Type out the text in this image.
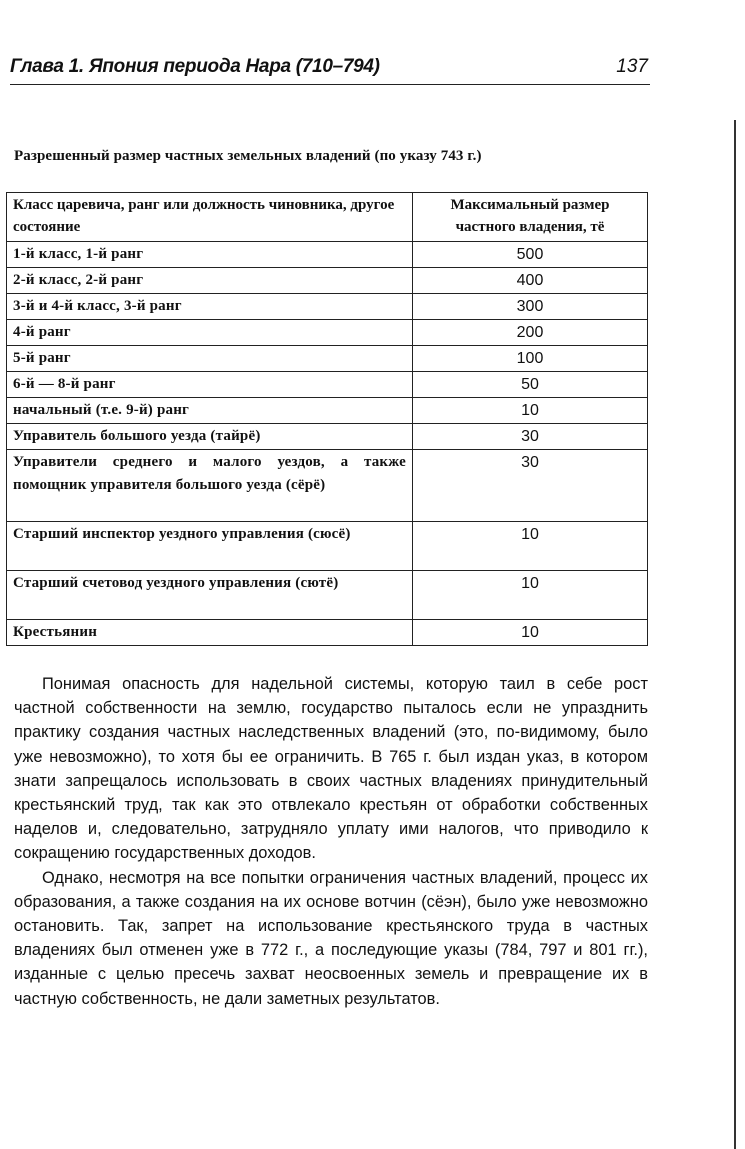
Глава 1. Япония периода Нара (710–794)	137
Разрешенный размер частных земельных владений (по указу 743 г.)
Класс царевича, ранг или должность чиновника, другое состояние	Максимальный размер частного владения, тё
1-й класс, 1-й ранг	500
2-й класс, 2-й ранг	400
3-й и 4-й класс, 3-й ранг	300
4-й ранг	200
5-й ранг	100
6-й — 8-й ранг	50
начальный (т.е. 9-й) ранг	10
Управитель большого уезда (тайрё)	30
Управители среднего и малого уездов, а также помощник управителя большого уезда (сёрё)	30
Старший инспектор уездного управления (сюсё)	10
Старший счетовод уездного управления (сютё)	10
Крестьянин	10

Понимая опасность для надельной системы, которую таил в себе рост частной собственности на землю, государство пыталось если не упразднить практику создания частных наследственных владений (это, по-видимому, было уже невозможно), то хотя бы ее ограничить. В 765 г. был издан указ, в котором знати запрещалось использовать в своих частных владениях принудительный крестьянский труд, так как это отвлекало крестьян от обработки собственных наделов и, следовательно, затрудняло уплату ими налогов, что приводило к сокращению государственных доходов.

Однако, несмотря на все попытки ограничения частных владений, процесс их образования, а также создания на их основе вотчин (сёэн), было уже невозможно остановить. Так, запрет на использование крестьянского труда в частных владениях был отменен уже в 772 г., а последующие указы (784, 797 и 801 гг.), изданные с целью пресечь захват неосвоенных земель и превращение их в частную собственность, не дали заметных результатов.
